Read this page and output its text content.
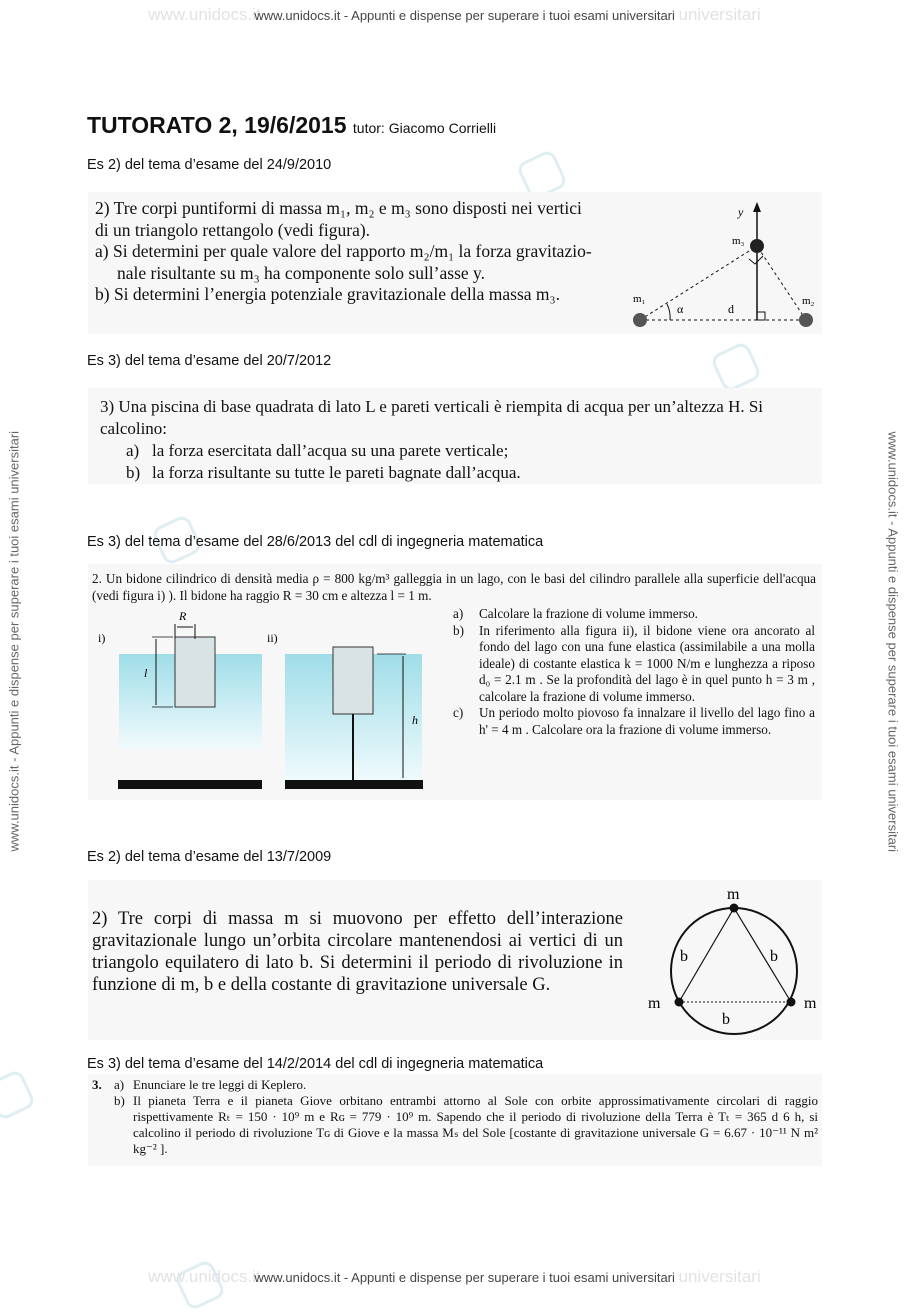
www.unidocs.it www.unidocs.it - Appunti e dispense per superare i tuoi esami universitari universitari
www.unidocs.it www.unidocs.it - Appunti e dispense per superare i tuoi esami universitari universitari
www.unidocs.it - Appunti e dispense per superare i tuoi esami universitari	www.unidocs.it - Appunti e dispense per superare i tuoi esami universitari
TUTORATO 2, 19/6/2015 tutor: Giacomo Corrielli
Es 2) del tema d’esame del 24/9/2010
2) Tre corpi puntiformi di massa m₁, m₂ e m₃ sono disposti nei vertici
di un triangolo rettangolo (vedi figura).
a) Si determini per quale valore del rapporto m₂/m₁ la forza gravitazio-
nale risultante su m₃ ha componente solo sull’asse y.
b) Si determini l’energia potenziale gravitazionale della massa m₃.
y
m₃
m₁	m₂
α	d
Es 3) del tema d’esame del 20/7/2012
3) Una piscina di base quadrata di lato L e pareti verticali è riempita di acqua per un’altezza H. Si calcolino:
a) la forza esercitata dall’acqua su una parete verticale;
b) la forza risultante su tutte le pareti bagnate dall’acqua.
Es 3) del tema d’esame del 28/6/2013 del cdl di ingegneria matematica
2. Un bidone cilindrico di densità media ρ = 800 kg/m³ galleggia in un lago, con le basi del cilindro parallele alla superficie dell'acqua (vedi figura i) ). Il bidone ha raggio R = 30 cm e altezza l = 1 m.
a)	Calcolare la frazione di volume immerso.
b)	In riferimento alla figura ii), il bidone viene ora ancorato al fondo del lago con una fune elastica (assimilabile a una molla ideale) di costante elastica k = 1000 N/m e lunghezza a riposo d₀ = 2.1 m . Se la profondità del lago è in quel punto h = 3 m , calcolare la frazione di volume immerso.
c)	Un periodo molto piovoso fa innalzare il livello del lago fino a h' = 4 m . Calcolare ora la frazione di volume immerso.
R
l
h
i)	ii)
Es 2) del tema d’esame del 13/7/2009
2) Tre corpi di massa m si muovono per effetto dell’interazione gravitazionale lungo un’orbita circolare mantenendosi ai vertici di un triangolo equilatero di lato b. Si determini il periodo di rivoluzione in funzione di m, b e della costante di gravitazione universale G.
m
m	m
b	b
b
Es 3) del tema d’esame del 14/2/2014 del cdl di ingegneria matematica
3. a) Enunciare le tre leggi di Keplero.
b) Il pianeta Terra e il pianeta Giove orbitano entrambi attorno al Sole con orbite approssimativamente circolari di raggio rispettivamente Rₜ = 150 · 10⁹ m e Rɢ = 779 · 10⁹ m. Sapendo che il periodo di rivoluzione della Terra è Tₜ = 365 d 6 h, si calcolino il periodo di rivoluzione Tɢ di Giove e la massa Mₛ del Sole [costante di gravitazione universale G = 6.67 · 10⁻¹¹ N m² kg⁻² ].
